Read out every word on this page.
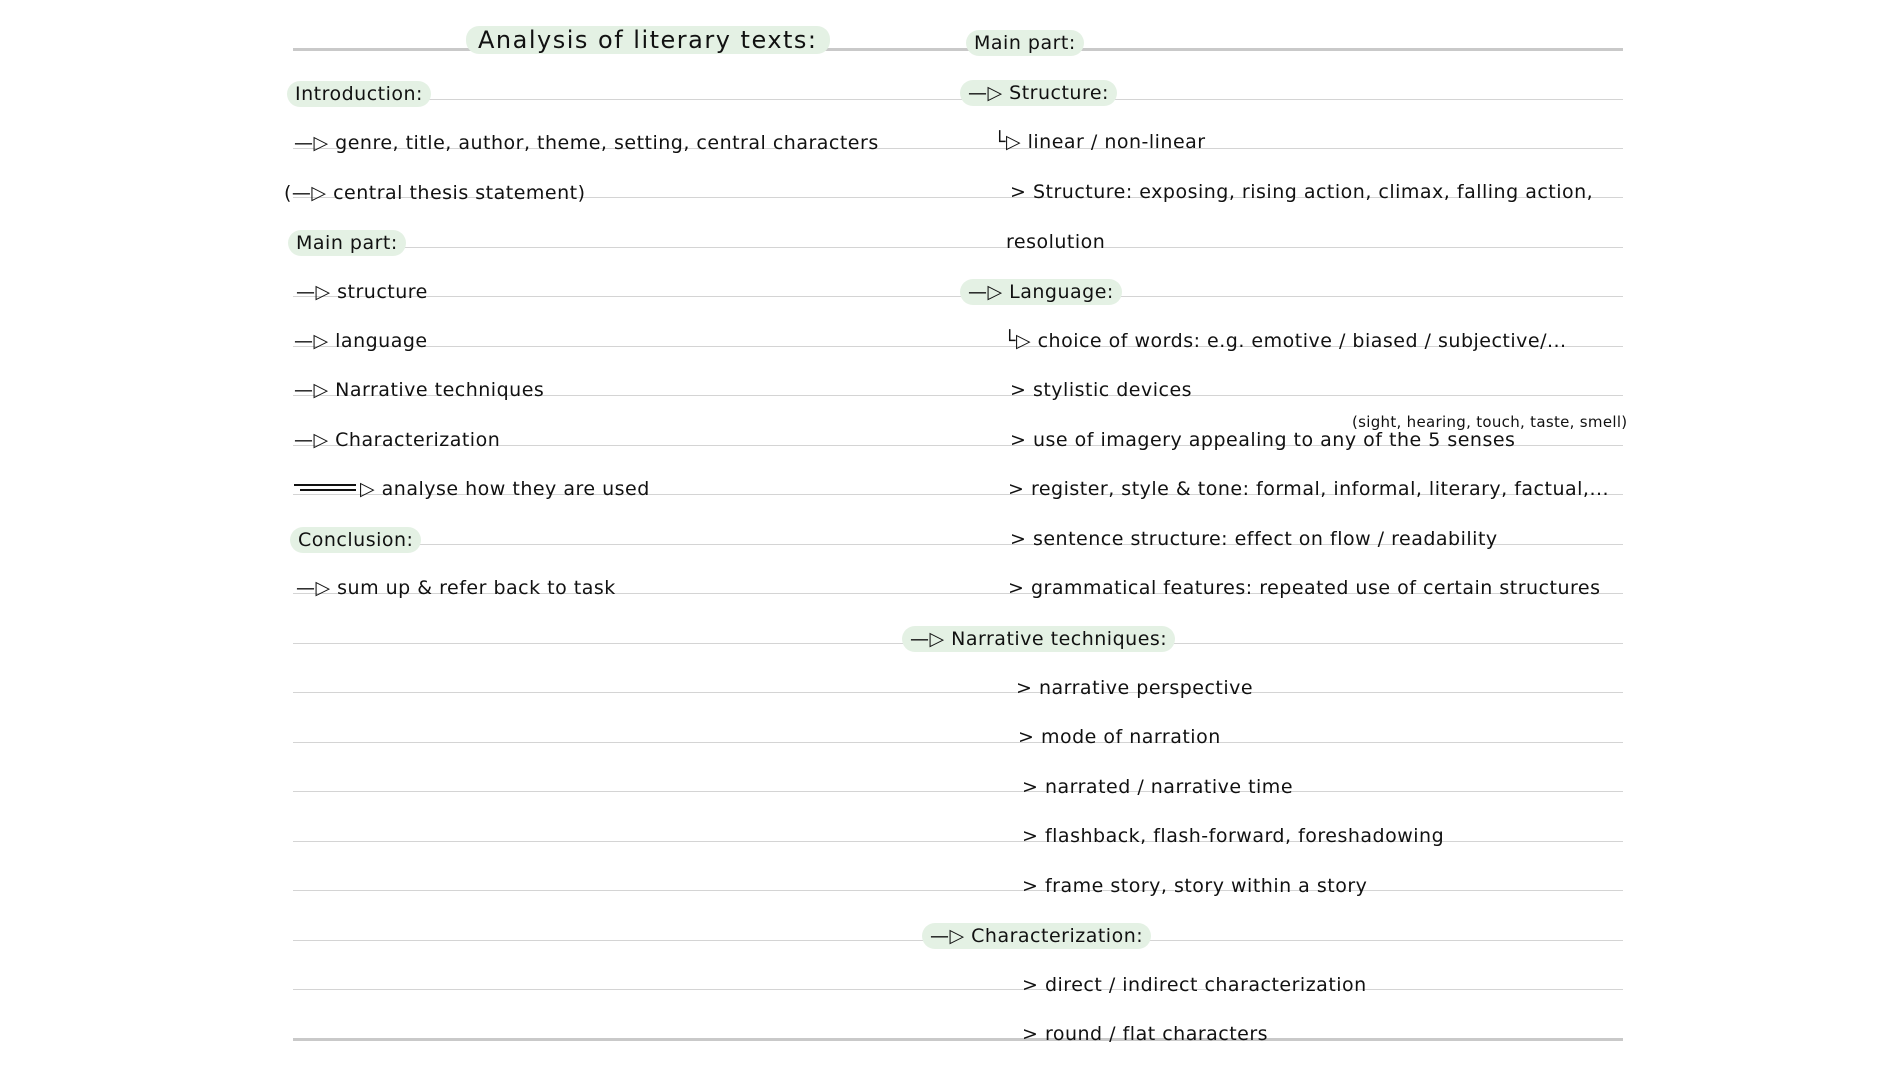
Analysis of literary texts:
Introduction:
—▷ genre, title, author, theme, setting, central characters
(—▷ central thesis statement)
Main part:
—▷ structure
—▷ language
—▷ Narrative techniques
—▷ Characterization
▷ analyse how they are used
Conclusion:
—▷ sum up & refer back to task
Main part:
—▷ Structure:
└▷ linear / non-linear
> Structure: exposing, rising action, climax, falling action,
resolution
—▷ Language:
└▷ choice of words: e.g. emotive / biased / subjective/...
> stylistic devices
(sight, hearing, touch, taste, smell)
> use of imagery appealing to any of the 5 senses
> register, style & tone: formal, informal, literary, factual,...
> sentence structure: effect on flow / readability
> grammatical features: repeated use of certain structures
—▷ Narrative techniques:
> narrative perspective
> mode of narration
> narrated / narrative time
> flashback, flash-forward, foreshadowing
> frame story, story within a story
—▷ Characterization:
> direct / indirect characterization
> round / flat characters
